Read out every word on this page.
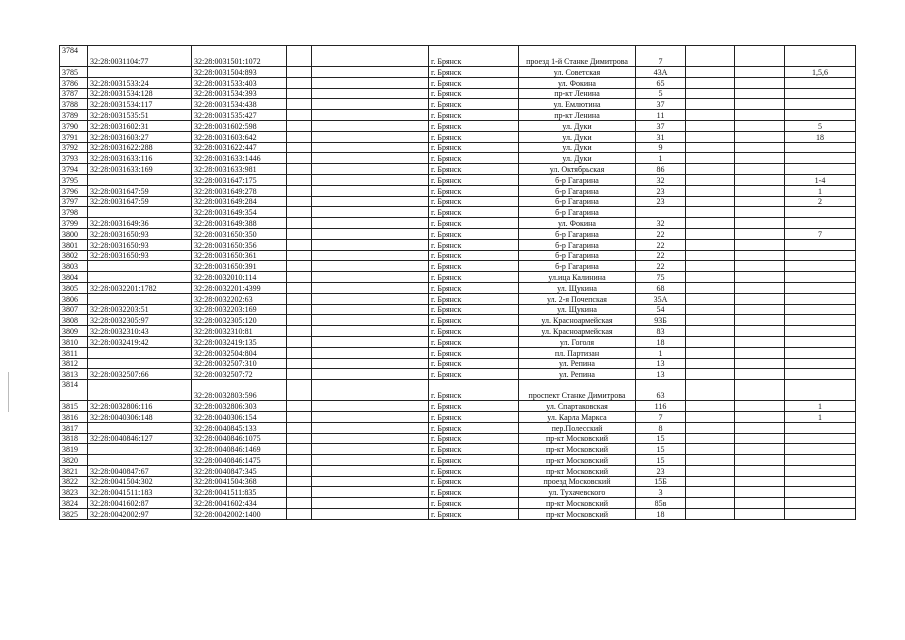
3784	32:28:0031104:77	32:28:0031501:1072			г. Брянск	проезд 1-й Станке Димитрова	7			
3785		32:28:0031504:893			г. Брянск	ул. Советская	43А			1,5,6
3786	32:28:0031533:24	32:28:0031533:403			г. Брянск	ул. Фокина	65			
3787	32:28:0031534:128	32:28:0031534:393			г. Брянск	пр-кт Ленина	5			
3788	32:28:0031534:117	32:28:0031534:438			г. Брянск	ул. Емлютина	37			
3789	32:28:0031535:51	32:28:0031535:427			г. Брянск	пр-кт Ленина	11			
3790	32:28:0031602:31	32:28:0031602:598			г. Брянск	ул. Дуки	37			5
3791	32:28:0031603:27	32:28:0031603:642			г. Брянск	ул. Дуки	31			18
3792	32:28:0031622:288	32:28:0031622:447			г. Брянск	ул. Дуки	9			
3793	32:28:0031633:116	32:28:0031633:1446			г. Брянск	ул. Дуки	1			
3794	32:28:0031633:169	32:28:0031633:981			г. Брянск	ул. Октябрьская	86			
3795		32:28:0031647:175			г. Брянск	б-р Гагарина	32			1-4
3796	32:28:0031647:59	32:28:0031649:278			г. Брянск	б-р Гагарина	23			1
3797	32:28:0031647:59	32:28:0031649:284			г. Брянск	б-р Гагарина	23			2
3798		32:28:0031649:354			г. Брянск	б-р Гагарина				
3799	32:28:0031649:36	32:28:0031649:388			г. Брянск	ул. Фокина	32			
3800	32:28:0031650:93	32:28:0031650:350			г. Брянск	б-р Гагарина	22			7
3801	32:28:0031650:93	32:28:0031650:356			г. Брянск	б-р Гагарина	22			
3802	32:28:0031650:93	32:28:0031650:361			г. Брянск	б-р Гагарина	22			
3803		32:28:0031650:391			г. Брянск	б-р Гагарина	22			
3804		32:28:0032010:114			г. Брянск	ул.ица Калинина	75			
3805	32:28:0032201:1782	32:28:0032201:4399			г. Брянск	ул. Щукина	68			
3806		32:28:0032202:63			г. Брянск	ул. 2-я Почепская	35А			
3807	32:28:0032203:51	32:28:0032203:169			г. Брянск	ул. Щукина	54			
3808	32:28:0032305:97	32:28:0032305:120			г. Брянск	ул. Красноармейская	93Б			
3809	32:28:0032310:43	32:28:0032310:81			г. Брянск	ул. Красноармейская	83			
3810	32:28:0032419:42	32:28:0032419:135			г. Брянск	ул. Гоголя	18			
3811		32:28:0032504:804			г. Брянск	пл. Партизан	1			
3812		32:28:0032507:310			г. Брянск	ул. Репина	13			
3813	32:28:0032507:66	32:28:0032507:72			г. Брянск	ул. Репина	13			
3814		32:28:0032803:596			г. Брянск	проспект Станке Димитрова	63			
3815	32:28:0032806:116	32:28:0032806:303			г. Брянск	ул. Спартаковская	116			1
3816	32:28:0040306:148	32:28:0040306:154			г. Брянск	ул. Карла Маркса	7			1
3817		32:28:0040845:133			г. Брянск	пер.Полесский	8			
3818	32:28:0040846:127	32:28:0040846:1075			г. Брянск	пр-кт Московский	15			
3819		32:28:0040846:1469			г. Брянск	пр-кт Московский	15			
3820		32:28:0040846:1475			г. Брянск	пр-кт Московский	15			
3821	32:28:0040847:67	32:28:0040847:345			г. Брянск	пр-кт Московский	23			
3822	32:28:0041504:302	32:28:0041504:368			г. Брянск	проезд Московский	15Б			
3823	32:28:0041511:183	32:28:0041511:835			г. Брянск	ул. Тухачевского	3			
3824	32:28:0041602:87	32:28:0041602:434			г. Брянск	пр-кт Московский	85в			
3825	32:28:0042002:97	32:28:0042002:1400			г. Брянск	пр-кт Московский	18			
